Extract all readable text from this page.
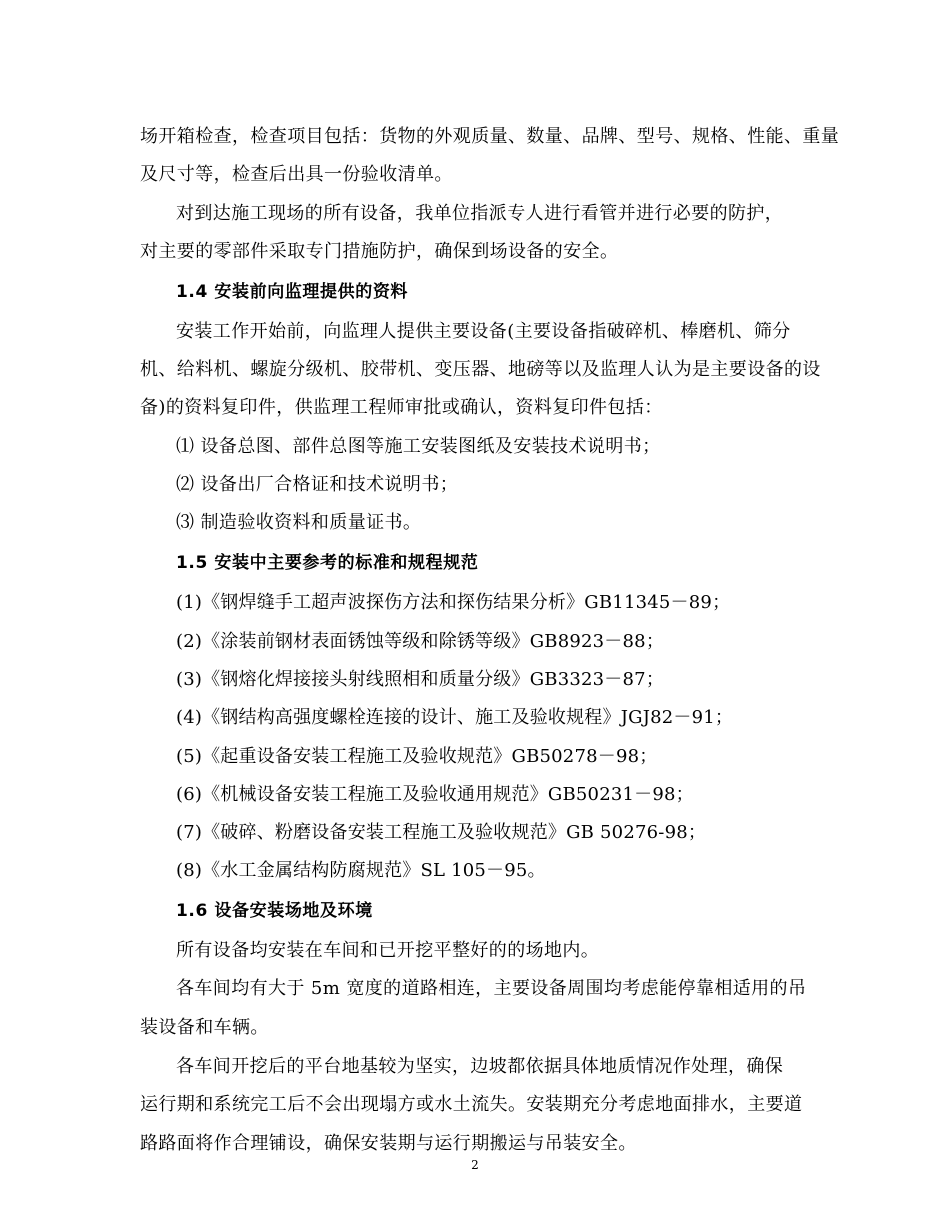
场开箱检查，检查项目包括：货物的外观质量、数量、品牌、型号、规格、性能、重量
及尺寸等，检查后出具一份验收清单。
对到达施工现场的所有设备，我单位指派专人进行看管并进行必要的防护，
对主要的零部件采取专门措施防护，确保到场设备的安全。
1.4 安装前向监理提供的资料
安装工作开始前，向监理人提供主要设备(主要设备指破碎机、棒磨机、筛分
机、给料机、螺旋分级机、胶带机、变压器、地磅等以及监理人认为是主要设备的设
备)的资料复印件，供监理工程师审批或确认，资料复印件包括：
⑴ 设备总图、部件总图等施工安装图纸及安装技术说明书；
⑵ 设备出厂合格证和技术说明书；
⑶ 制造验收资料和质量证书。
1.5 安装中主要参考的标准和规程规范
(1)《钢焊缝手工超声波探伤方法和探伤结果分析》GB11345－89；
(2)《涂装前钢材表面锈蚀等级和除锈等级》GB8923－88；
(3)《钢熔化焊接接头射线照相和质量分级》GB3323－87；
(4)《钢结构高强度螺栓连接的设计、施工及验收规程》JGJ82－91；
(5)《起重设备安装工程施工及验收规范》GB50278－98；
(6)《机械设备安装工程施工及验收通用规范》GB50231－98；
(7)《破碎、粉磨设备安装工程施工及验收规范》GB 50276-98；
(8)《水工金属结构防腐规范》SL 105－95。
1.6 设备安装场地及环境
所有设备均安装在车间和已开挖平整好的的场地内。
各车间均有大于 5m 宽度的道路相连，主要设备周围均考虑能停靠相适用的吊
装设备和车辆。
各车间开挖后的平台地基较为坚实，边坡都依据具体地质情况作处理，确保
运行期和系统完工后不会出现塌方或水土流失。安装期充分考虑地面排水，主要道
路路面将作合理铺设，确保安装期与运行期搬运与吊装安全。
2
